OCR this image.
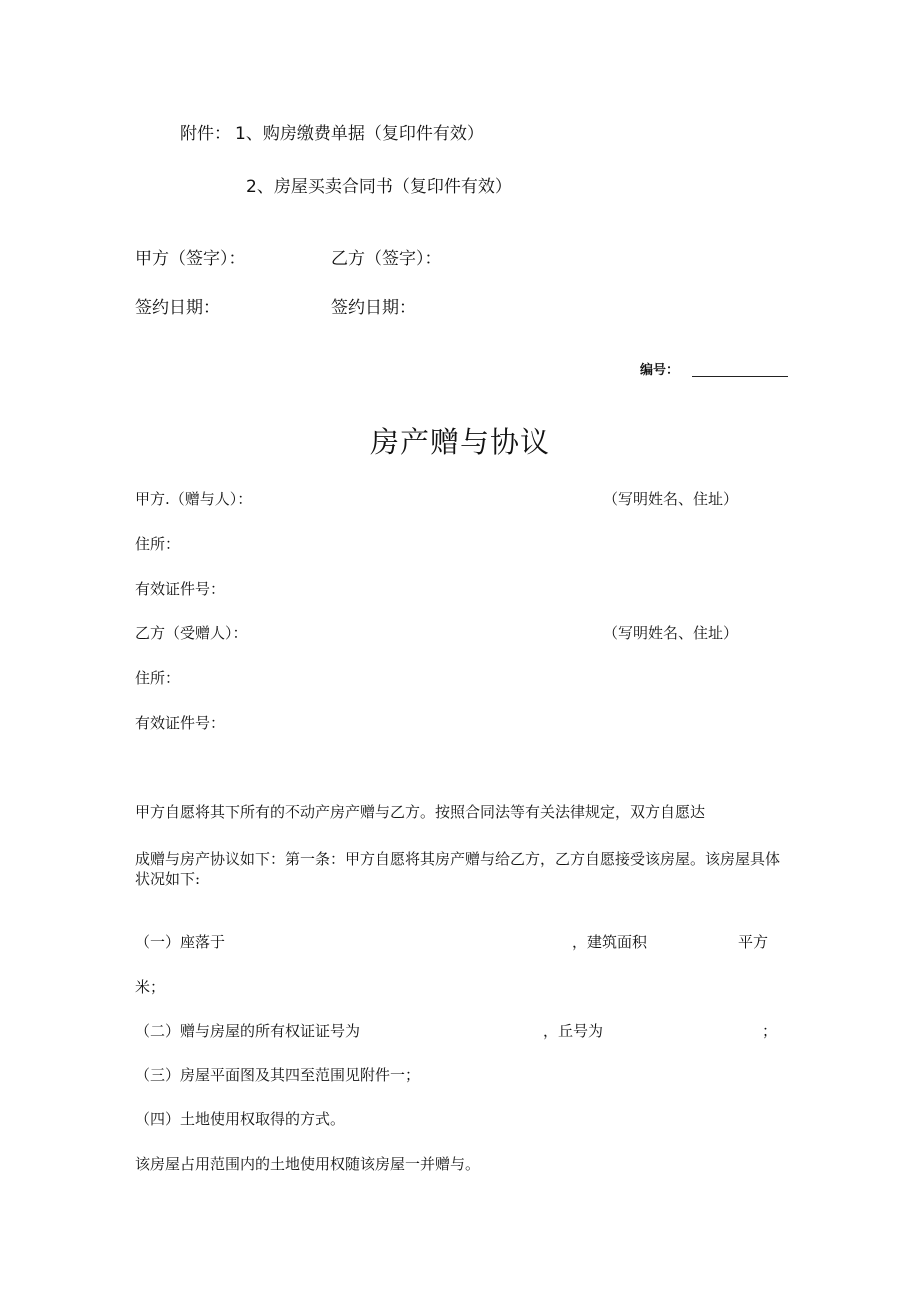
附件： 1、购房缴费单据（复印件有效）
2、房屋买卖合同书（复印件有效）
甲方（签字）：	乙方（签字）：
签约日期：	签约日期：
编号：
房产赠与协议
甲方.（赠与人）：	（写明姓名、住址）
住所：
有效证件号：
乙方（受赠人）：	（写明姓名、住址）
住所：
有效证件号：
甲方自愿将其下所有的不动产房产赠与乙方。按照合同法等有关法律规定，双方自愿达
成赠与房产协议如下：第一条：甲方自愿将其房产赠与给乙方，乙方自愿接受该房屋。该房屋具体状况如下:
（一）座落于	，建筑面积	平方
米；
（二）赠与房屋的所有权证证号为	，丘号为	；
（三）房屋平面图及其四至范围见附件一；
（四）土地使用权取得的方式。
该房屋占用范围内的土地使用权随该房屋一并赠与。
